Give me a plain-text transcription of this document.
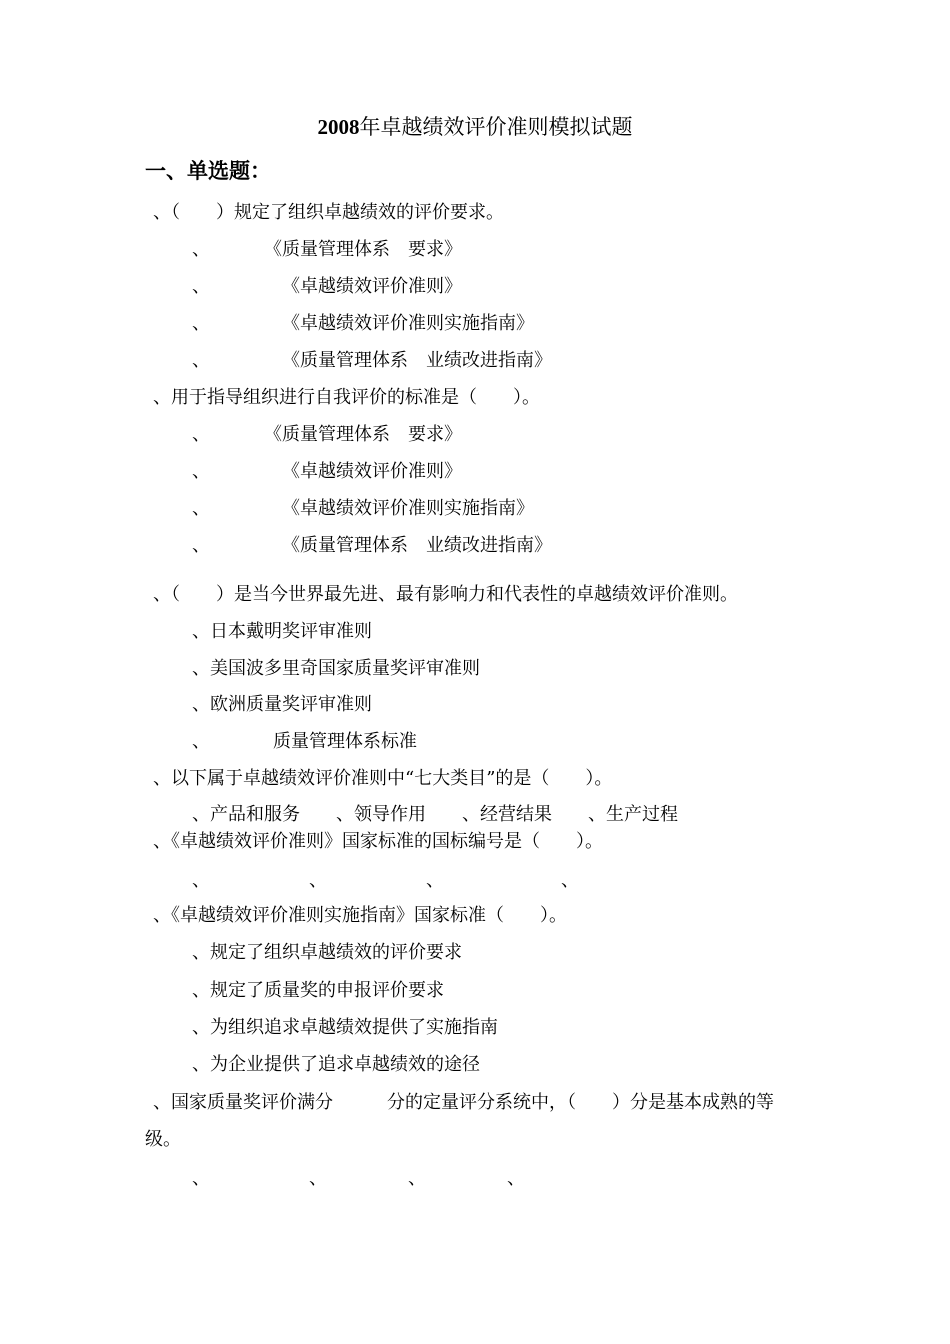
2008年卓越绩效评价准则模拟试题
一、单选题：
、（　　）规定了组织卓越绩效的评价要求。
、　　　　《质量管理体系　要求》
、　　　　　《卓越绩效评价准则》
、　　　　　《卓越绩效评价准则实施指南》
、　　　　　《质量管理体系　业绩改进指南》
、用于指导组织进行自我评价的标准是（　　）。
、　　　　《质量管理体系　要求》
、　　　　　《卓越绩效评价准则》
、　　　　　《卓越绩效评价准则实施指南》
、　　　　　《质量管理体系　业绩改进指南》
、（　　）是当今世界最先进、最有影响力和代表性的卓越绩效评价准则。
、日本戴明奖评审准则
、美国波多里奇国家质量奖评审准则
、欧洲质量奖评审准则
、　　　　质量管理体系标准
、以下属于卓越绩效评价准则中“七大类目”的是（　　）。
、产品和服务　　、领导作用　　、经营结果　　、生产过程
、《卓越绩效评价准则》国家标准的国标编号是（　　）。
、　　　　　　、　　　　　　、　　　　　　　、
、《卓越绩效评价准则实施指南》国家标准（　　）。
、规定了组织卓越绩效的评价要求
、规定了质量奖的申报评价要求
、为组织追求卓越绩效提供了实施指南
、为企业提供了追求卓越绩效的途径
、国家质量奖评价满分　　　分的定量评分系统中，（　　）分是基本成熟的等
级。
、　　　　　　、　　　　　、　　　　　、
